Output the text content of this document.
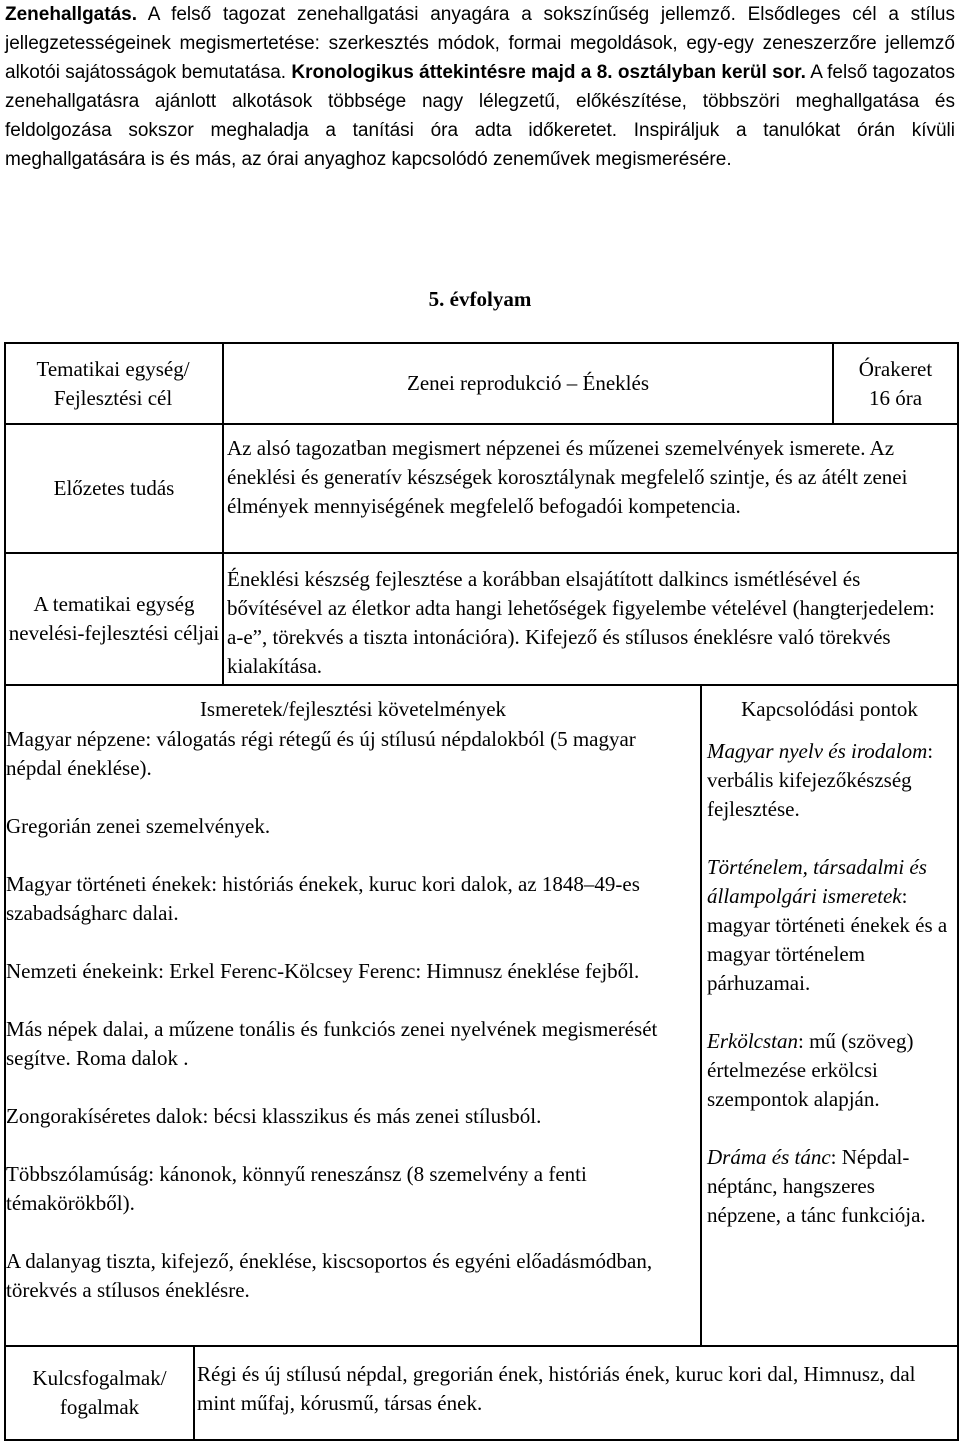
Zenehallgatás. A felső tagozat zenehallgatási anyagára a sokszínűség jellemző. Elsődleges cél a stílus jellegzetességeinek megismertetése: szerkesztés módok, formai megoldások, egy-egy zeneszerzőre jellemző alkotói sajátosságok bemutatása. Kronologikus áttekintésre majd a 8. osztályban kerül sor. A felső tagozatos zenehallgatásra ajánlott alkotások többsége nagy lélegzetű, előkészítése, többszöri meghallgatása és feldolgozása sokszor meghaladja a tanítási óra adta időkeretet. Inspiráljuk a tanulókat órán kívüli meghallgatására is és más, az órai anyaghoz kapcsolódó zeneművek megismerésére.

5. évfolyam
Tematikai egység/ Fejlesztési cél
Zenei reprodukció – Éneklés
Órakeret
16 óra
Előzetes tudás
Az alsó tagozatban megismert népzenei és műzenei szemelvények ismerete. Az éneklési és generatív készségek korosztálynak megfelelő szintje, és az átélt zenei élmények mennyiségének megfelelő befogadói kompetencia.
A tematikai egység nevelési-fejlesztési céljai
Éneklési készség fejlesztése a korábban elsajátított dalkincs ismétlésével és bővítésével az életkor adta hangi lehetőségek figyelembe vételével (hangterjedelem: a-e”, törekvés a tiszta intonációra). Kifejező és stílusos éneklésre való törekvés kialakítása.
Ismeretek/fejlesztési követelmények	Kapcsolódási pontok

Magyar népzene: válogatás régi rétegű és új stílusú népdalokból (5 magyar népdal éneklése).

Gregorián zenei szemelvények.

Magyar történeti énekek: históriás énekek, kuruc kori dalok, az 1848–49-es szabadságharc dalai.

Nemzeti énekeink: Erkel Ferenc-Kölcsey Ferenc: Himnusz éneklése fejből.

Más népek dalai, a műzene tonális és funkciós zenei nyelvének megismerését segítve. Roma dalok .

Zongorakíséretes dalok: bécsi klasszikus és más zenei stílusból.

Többszólamúság: kánonok, könnyű reneszánsz (8 szemelvény a fenti témakörökből).

A dalanyag tiszta, kifejező, éneklése, kiscsoportos és egyéni előadásmódban, törekvés a stílusos éneklésre.

Magyar nyelv és irodalom: verbális kifejezőkészség fejlesztése.

Történelem, társadalmi és állampolgári ismeretek: magyar történeti énekek és a magyar történelem párhuzamai.

Erkölcstan: mű (szöveg) értelmezése erkölcsi szempontok alapján.

Dráma és tánc: Népdal-néptánc, hangszeres népzene, a tánc funkciója.

Kulcsfogalmak/ fogalmak
Régi és új stílusú népdal, gregorián ének, históriás ének, kuruc kori dal, Himnusz, dal mint műfaj, kórusmű, társas ének.
